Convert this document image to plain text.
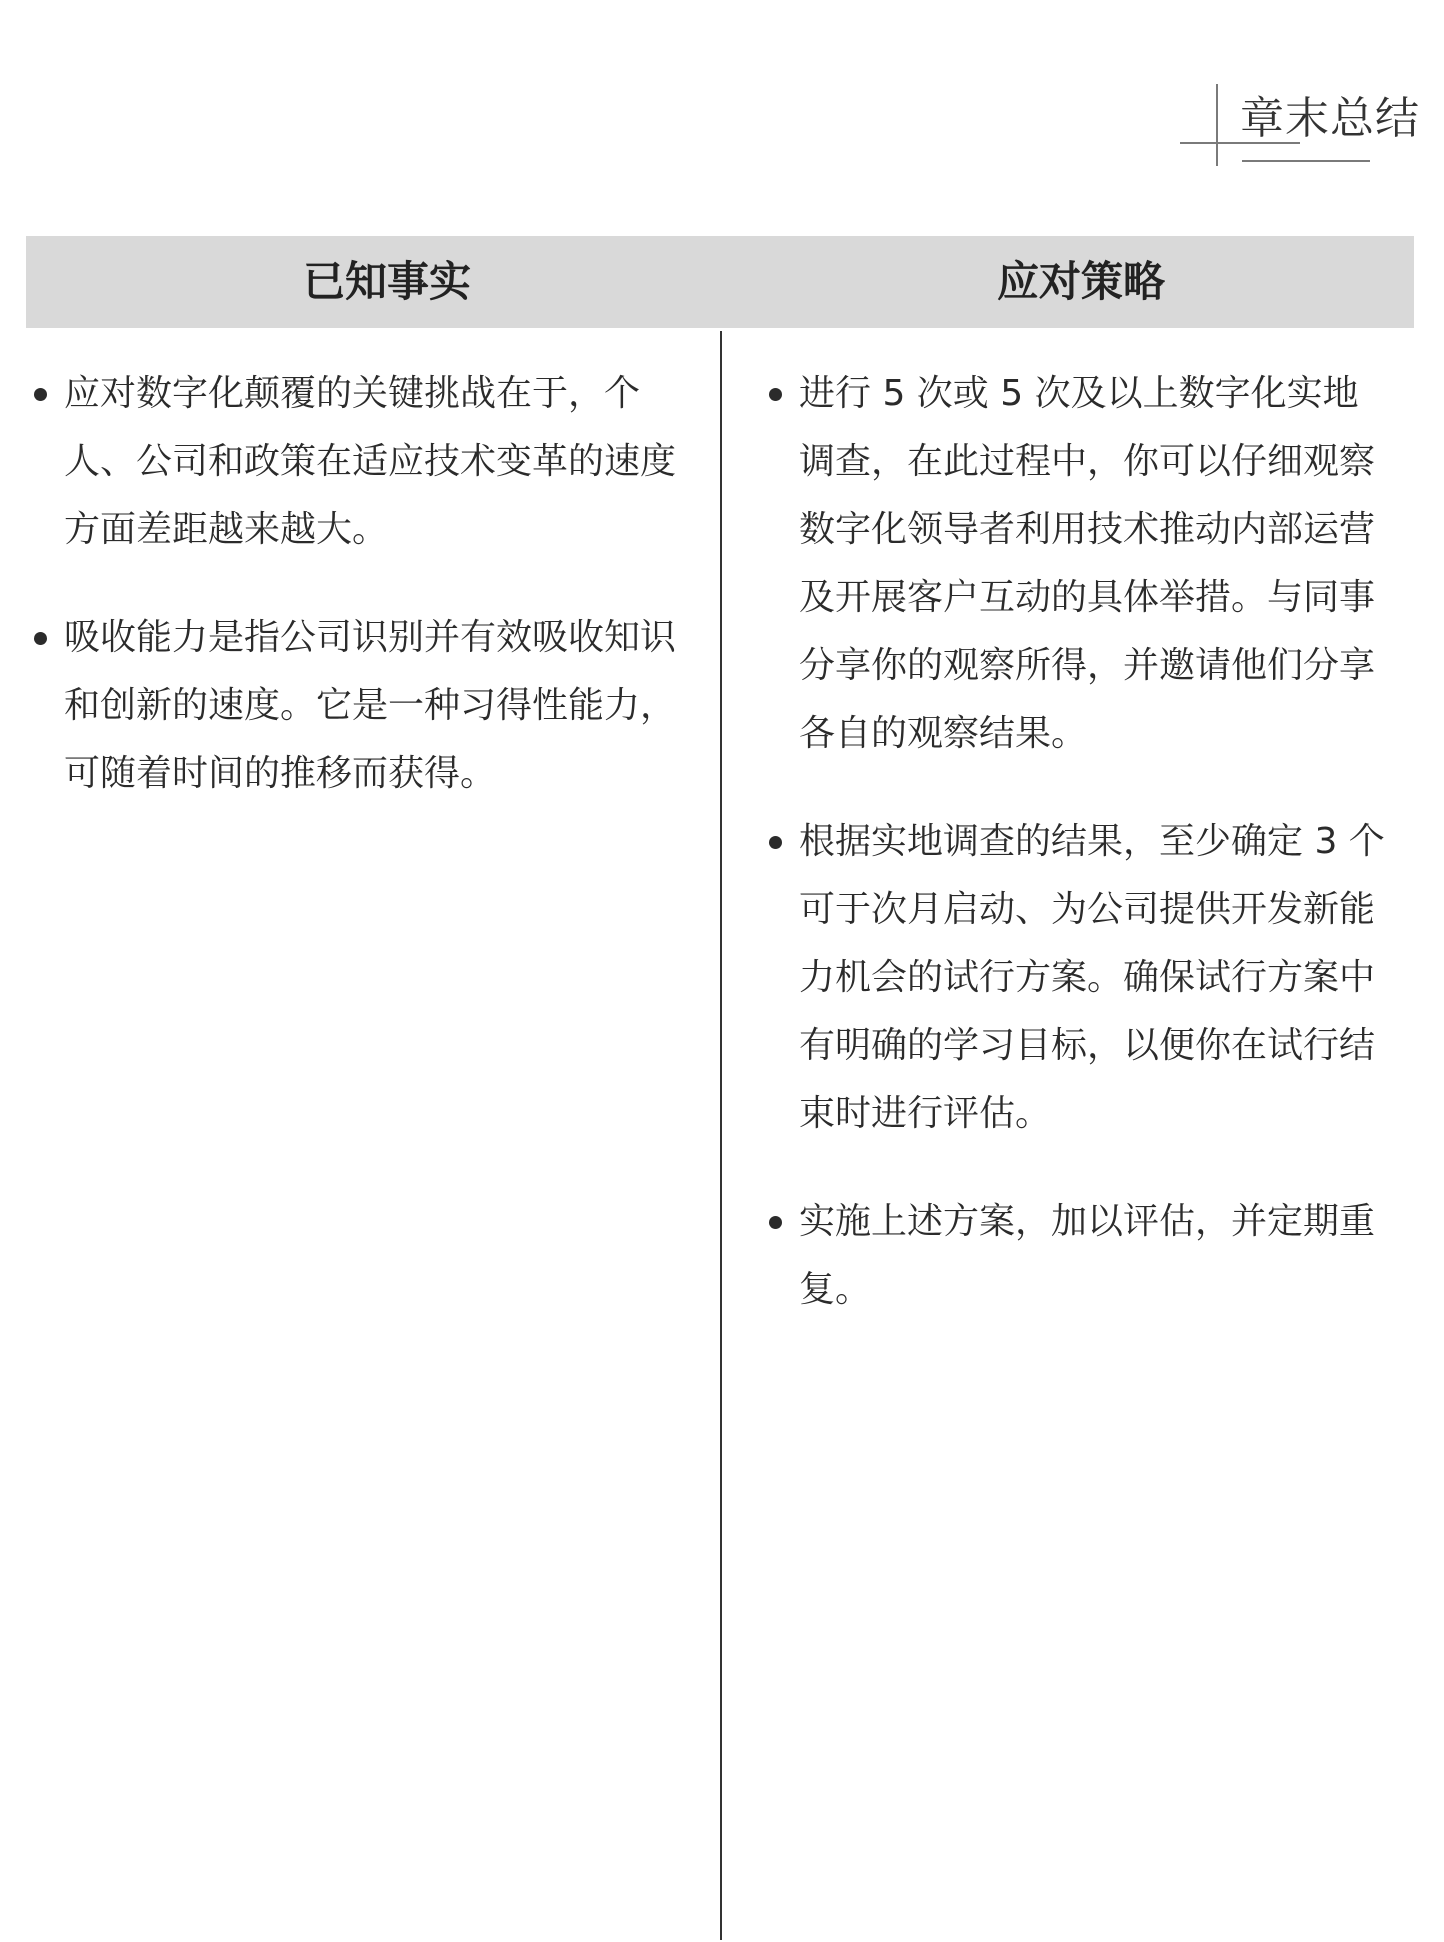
章末总结
已知事实	应对策略
应对数字化颠覆的关键挑战在于，个人、公司和政策在适应技术变革的速度方面差距越来越大。
吸收能力是指公司识别并有效吸收知识和创新的速度。它是一种习得性能力，可随着时间的推移而获得。
进行 5 次或 5 次及以上数字化实地调查，在此过程中，你可以仔细观察数字化领导者利用技术推动内部运营及开展客户互动的具体举措。与同事分享你的观察所得，并邀请他们分享各自的观察结果。
根据实地调查的结果，至少确定 3 个可于次月启动、为公司提供开发新能力机会的试行方案。确保试行方案中有明确的学习目标，以便你在试行结束时进行评估。
实施上述方案，加以评估，并定期重复。
